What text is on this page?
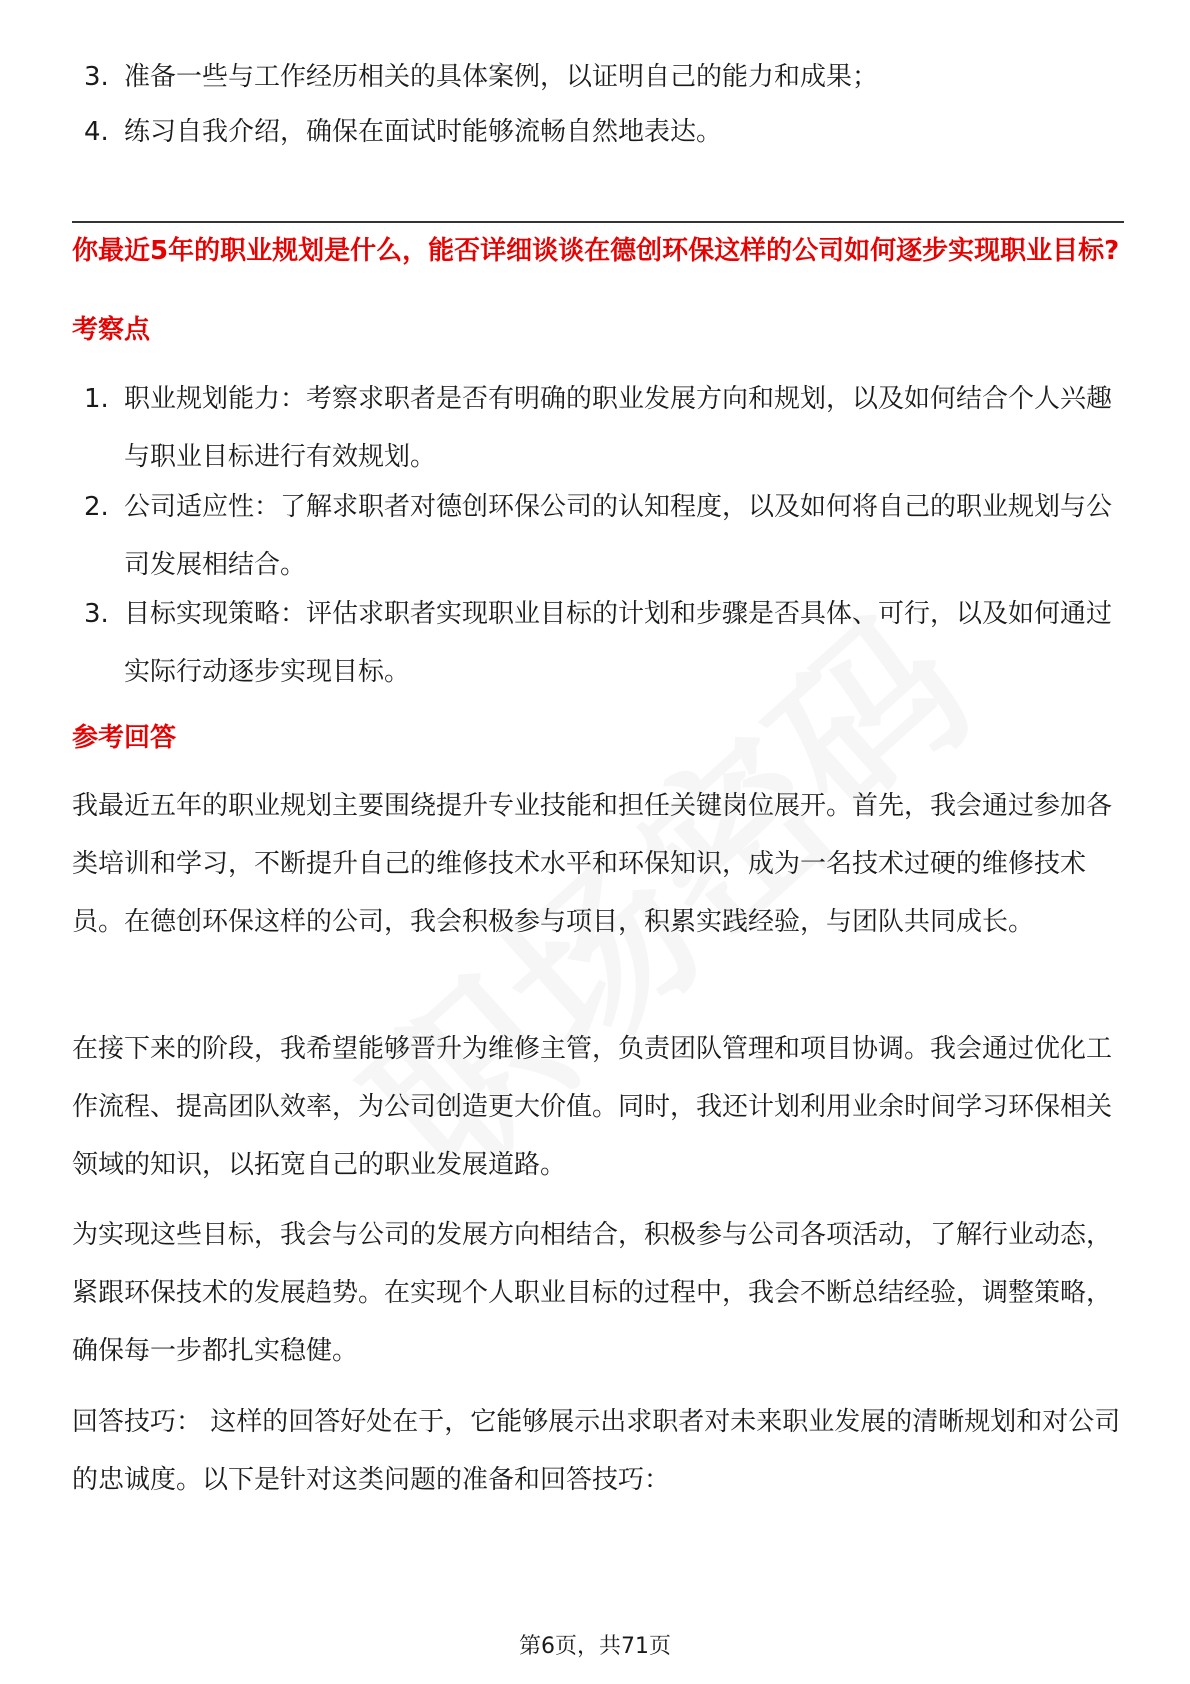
3. 准备一些与工作经历相关的具体案例，以证明自己的能力和成果；
4. 练习自我介绍，确保在面试时能够流畅自然地表达。
你最近5年的职业规划是什么，能否详细谈谈在德创环保这样的公司如何逐步实现职业目标?
考察点
1. 职业规划能力：考察求职者是否有明确的职业发展方向和规划，以及如何结合个人兴趣与职业目标进行有效规划。
2. 公司适应性：了解求职者对德创环保公司的认知程度，以及如何将自己的职业规划与公司发展相结合。
3. 目标实现策略：评估求职者实现职业目标的计划和步骤是否具体、可行，以及如何通过实际行动逐步实现目标。
参考回答
我最近五年的职业规划主要围绕提升专业技能和担任关键岗位展开。首先，我会通过参加各类培训和学习，不断提升自己的维修技术水平和环保知识，成为一名技术过硬的维修技术员。在德创环保这样的公司，我会积极参与项目，积累实践经验，与团队共同成长。
在接下来的阶段，我希望能够晋升为维修主管，负责团队管理和项目协调。我会通过优化工作流程、提高团队效率，为公司创造更大价值。同时，我还计划利用业余时间学习环保相关领域的知识，以拓宽自己的职业发展道路。
为实现这些目标，我会与公司的发展方向相结合，积极参与公司各项活动，了解行业动态，紧跟环保技术的发展趋势。在实现个人职业目标的过程中，我会不断总结经验，调整策略，确保每一步都扎实稳健。
回答技巧： 这样的回答好处在于，它能够展示出求职者对未来职业发展的清晰规划和对公司的忠诚度。以下是针对这类问题的准备和回答技巧：
第6页，共71页
